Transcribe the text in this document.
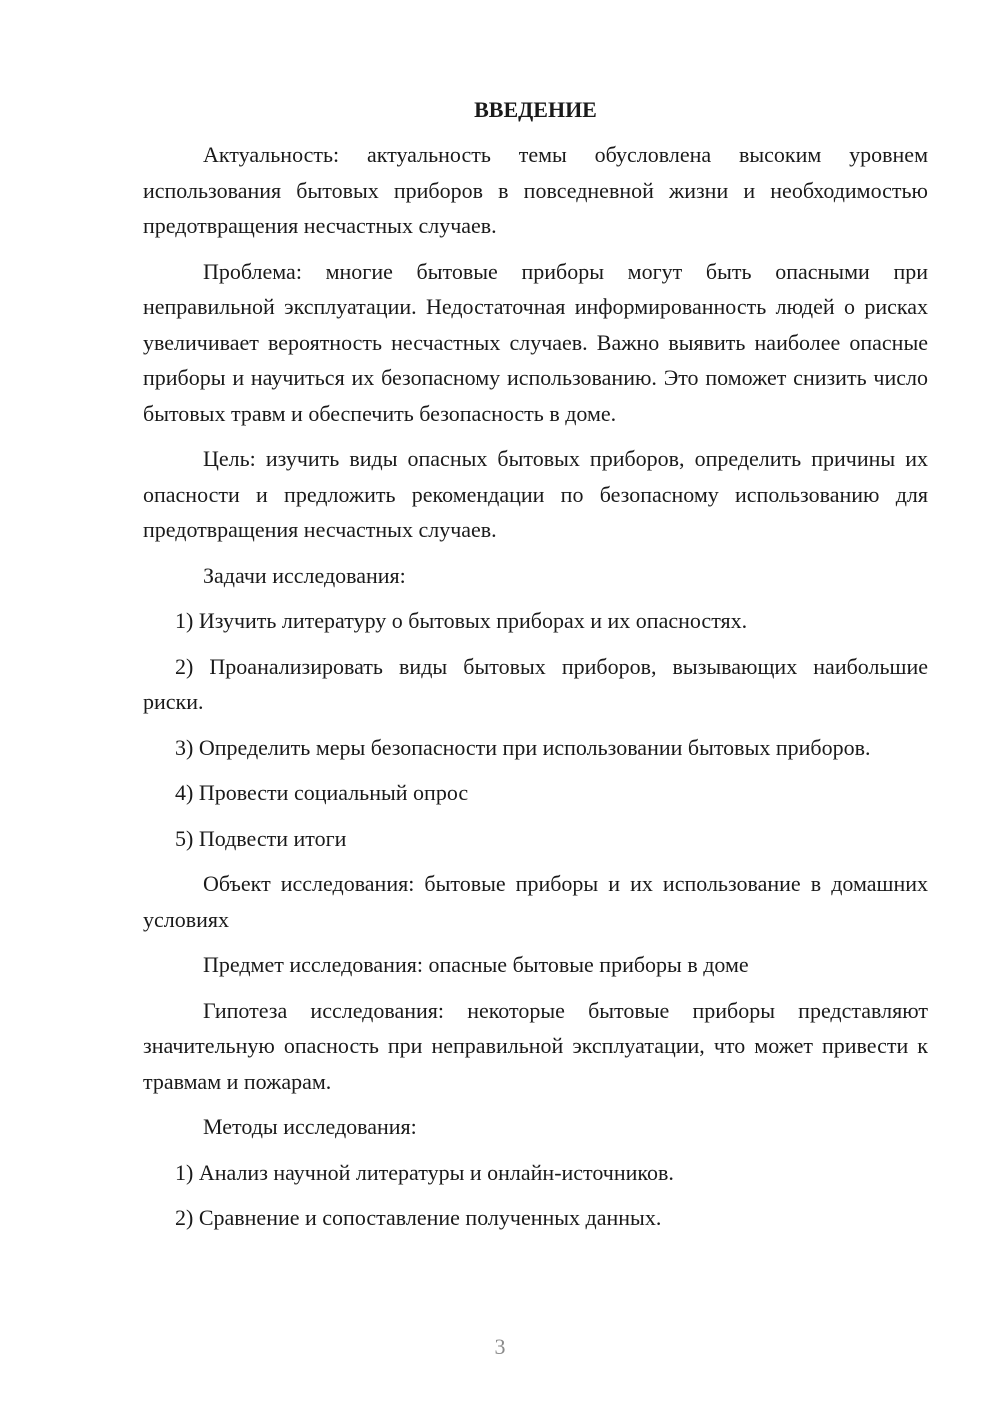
ВВЕДЕНИЕ

Актуальность: актуальность темы обусловлена высоким уровнем использования бытовых приборов в повседневной жизни и необходимостью предотвращения несчастных случаев.

Проблема: многие бытовые приборы могут быть опасными при неправильной эксплуатации. Недостаточная информированность людей о рисках увеличивает вероятность несчастных случаев. Важно выявить наиболее опасные приборы и научиться их безопасному использованию. Это поможет снизить число бытовых травм и обеспечить безопасность в доме.

Цель: изучить виды опасных бытовых приборов, определить причины их опасности и предложить рекомендации по безопасному использованию для предотвращения несчастных случаев.

Задачи исследования:

1) Изучить литературу о бытовых приборах и их опасностях.

2) Проанализировать виды бытовых приборов, вызывающих наибольшие риски.

3) Определить меры безопасности при использовании бытовых приборов.

4) Провести социальный опрос

5) Подвести итоги

Объект исследования: бытовые приборы и их использование в домашних условиях

Предмет исследования: опасные бытовые приборы в доме

Гипотеза исследования: некоторые бытовые приборы представляют значительную опасность при неправильной эксплуатации, что может привести к травмам и пожарам.

Методы исследования:

1) Анализ научной литературы и онлайн-источников.

2) Сравнение и сопоставление полученных данных.

3
